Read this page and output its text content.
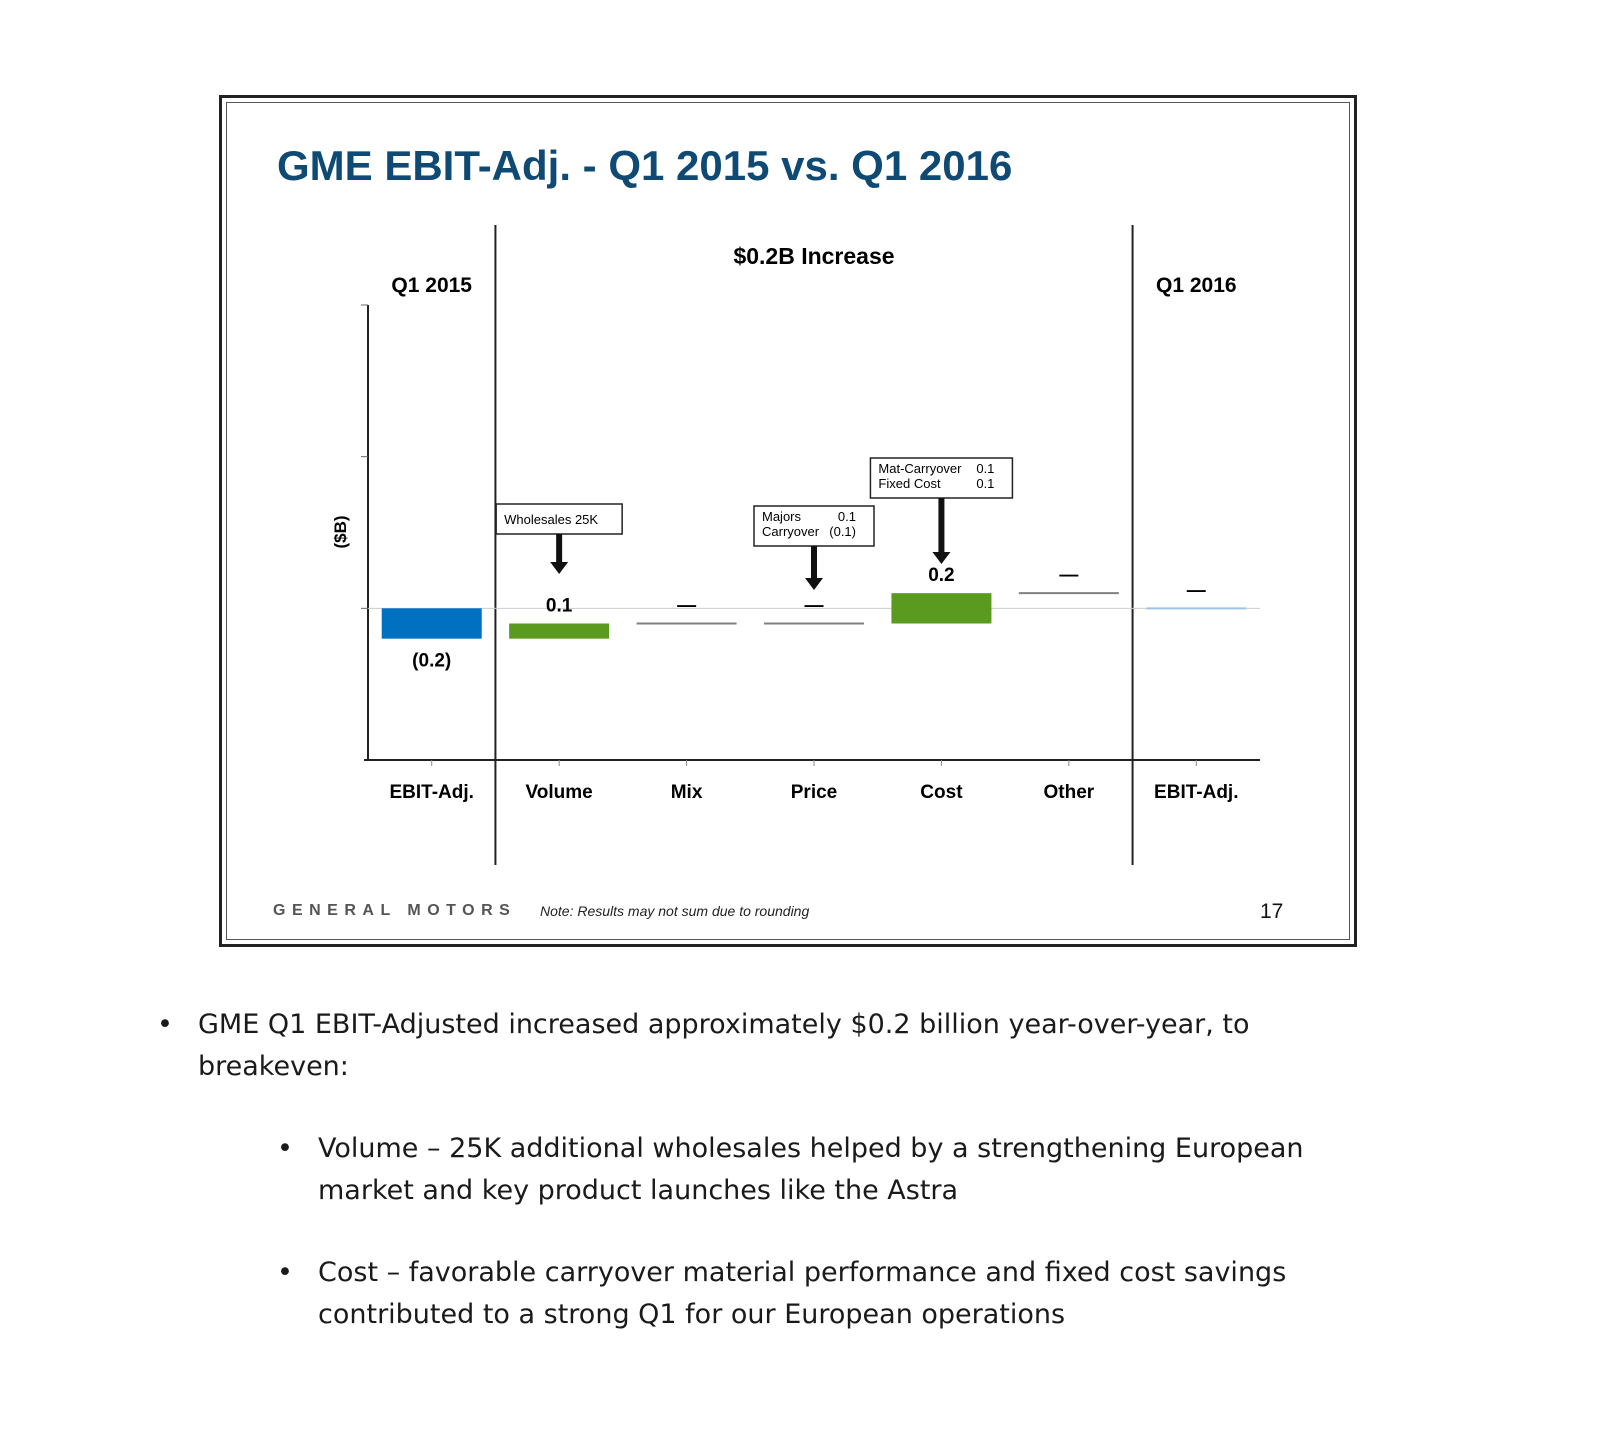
GME EBIT-Adj. - Q1 2015 vs. Q1 2016
($B)
Q1 2015
$0.2B Increase
Q1 2016
EBIT-Adj.
(0.2)
Volume
0.1
Mix
—
Price
—
Cost
0.2
Other
—
EBIT-Adj.
—
Wholesales 25K	Majors	0.1
Carryover (0.1)
Mat-Carryover 0.1
Fixed Cost	0.1
GENERAL MOTORS Note: Results may not sum due to rounding	17
• GME Q1 EBIT-Adjusted increased approximately $0.2 billion year-over-year, to breakeven:
• Volume – 25K additional wholesales helped by a strengthening European market and key product launches like the Astra
• Cost – favorable carryover material performance and fixed cost savings contributed to a strong Q1 for our European operations
